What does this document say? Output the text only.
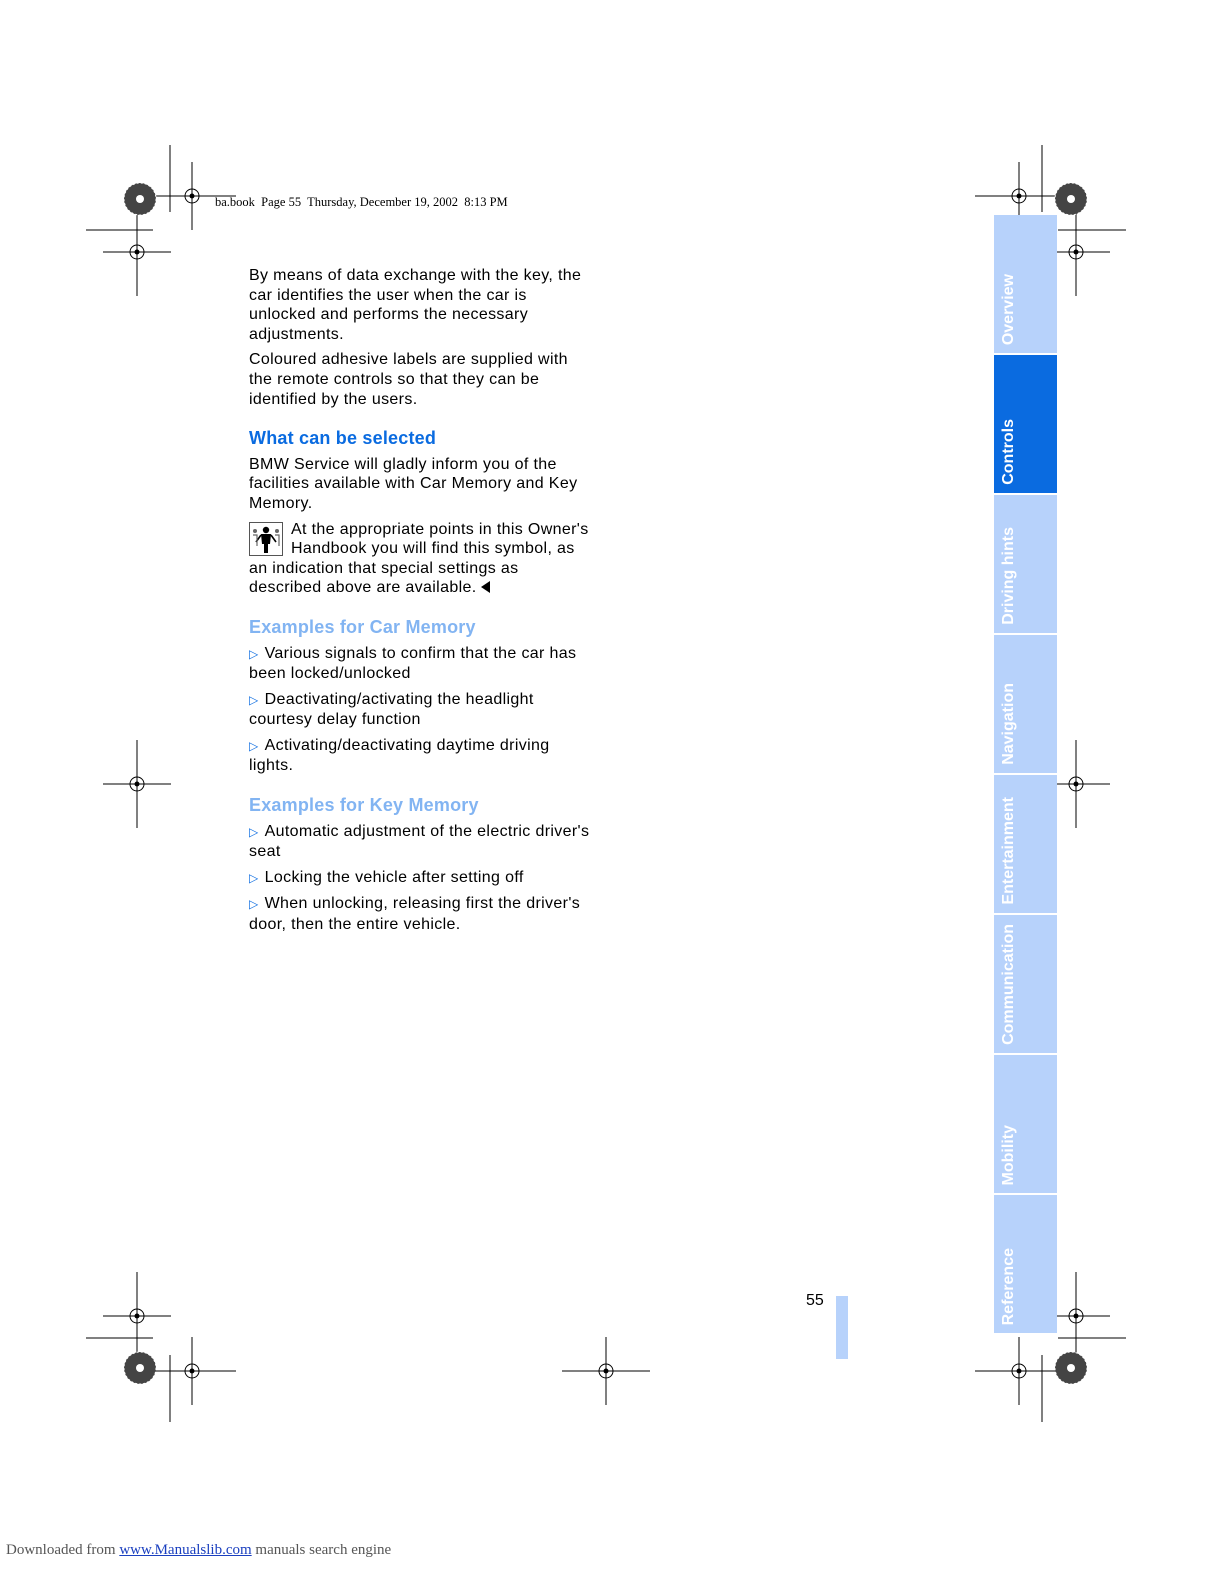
ba.book  Page 55  Thursday, December 19, 2002  8:13 PM

By means of data exchange with the key, the car identifies the user when the car is unlocked and performs the necessary adjustments.

Coloured adhesive labels are supplied with the remote controls so that they can be identified by the users.

What can be selected

BMW Service will gladly inform you of the facilities available with Car Memory and Key Memory.

At the appropriate points in this Owner's Handbook you will find this symbol, as an indication that special settings as described above are available.

Examples for Car Memory

▷ Various signals to confirm that the car has been locked/unlocked

▷ Deactivating/activating the headlight courtesy delay function

▷ Activating/deactivating daytime driving lights.

Examples for Key Memory

▷ Automatic adjustment of the electric driver's seat

▷ Locking the vehicle after setting off

▷ When unlocking, releasing first the driver's door, then the entire vehicle.

Overview
Controls
Driving hints
Navigation
Entertainment
Communication
Mobility
Reference
55
Downloaded from www.Manualslib.com manuals search engine
